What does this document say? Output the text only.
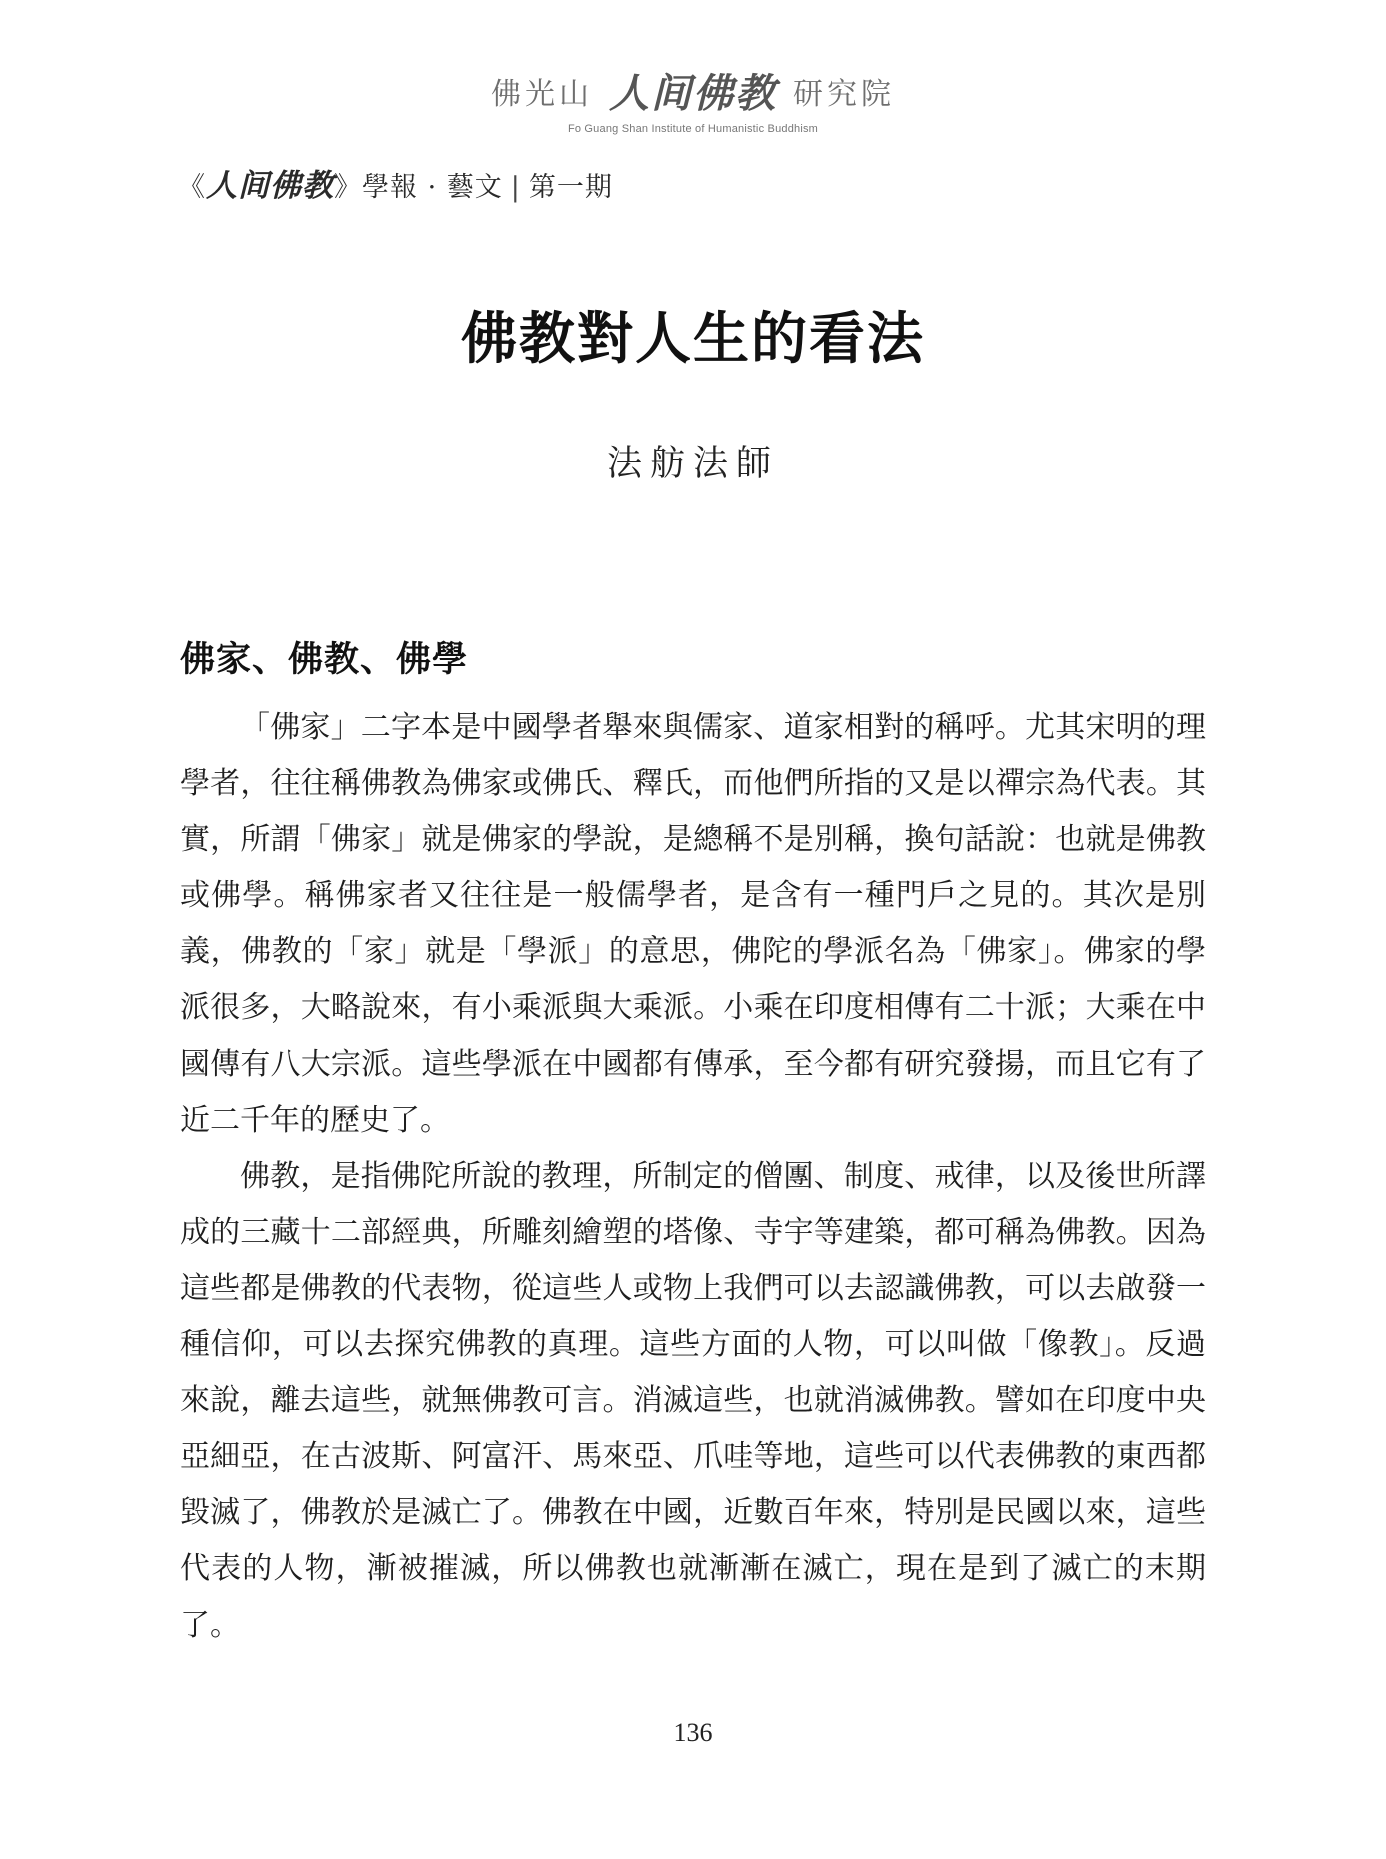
佛光山 人间佛教 研究院
Fo Guang Shan Institute of Humanistic Buddhism
《人间佛教》學報 · 藝文 | 第一期
佛教對人生的看法
法舫法師
佛家、佛教、佛學

「佛家」二字本是中國學者舉來與儒家、道家相對的稱呼。尤其宋明的理學者，往往稱佛教為佛家或佛氏、釋氏，而他們所指的又是以禪宗為代表。其實，所謂「佛家」就是佛家的學說，是總稱不是別稱，換句話說：也就是佛教或佛學。稱佛家者又往往是一般儒學者，是含有一種門戶之見的。其次是別義，佛教的「家」就是「學派」的意思，佛陀的學派名為「佛家」。佛家的學派很多，大略說來，有小乘派與大乘派。小乘在印度相傳有二十派；大乘在中國傳有八大宗派。這些學派在中國都有傳承，至今都有研究發揚，而且它有了近二千年的歷史了。

佛教，是指佛陀所說的教理，所制定的僧團、制度、戒律，以及後世所譯成的三藏十二部經典，所雕刻繪塑的塔像、寺宇等建築，都可稱為佛教。因為這些都是佛教的代表物，從這些人或物上我們可以去認識佛教，可以去啟發一種信仰，可以去探究佛教的真理。這些方面的人物，可以叫做「像教」。反過來說，離去這些，就無佛教可言。消滅這些，也就消滅佛教。譬如在印度中央亞細亞，在古波斯、阿富汗、馬來亞、爪哇等地，這些可以代表佛教的東西都毀滅了，佛教於是滅亡了。佛教在中國，近數百年來，特別是民國以來，這些代表的人物，漸被摧滅，所以佛教也就漸漸在滅亡，現在是到了滅亡的末期了。

136
